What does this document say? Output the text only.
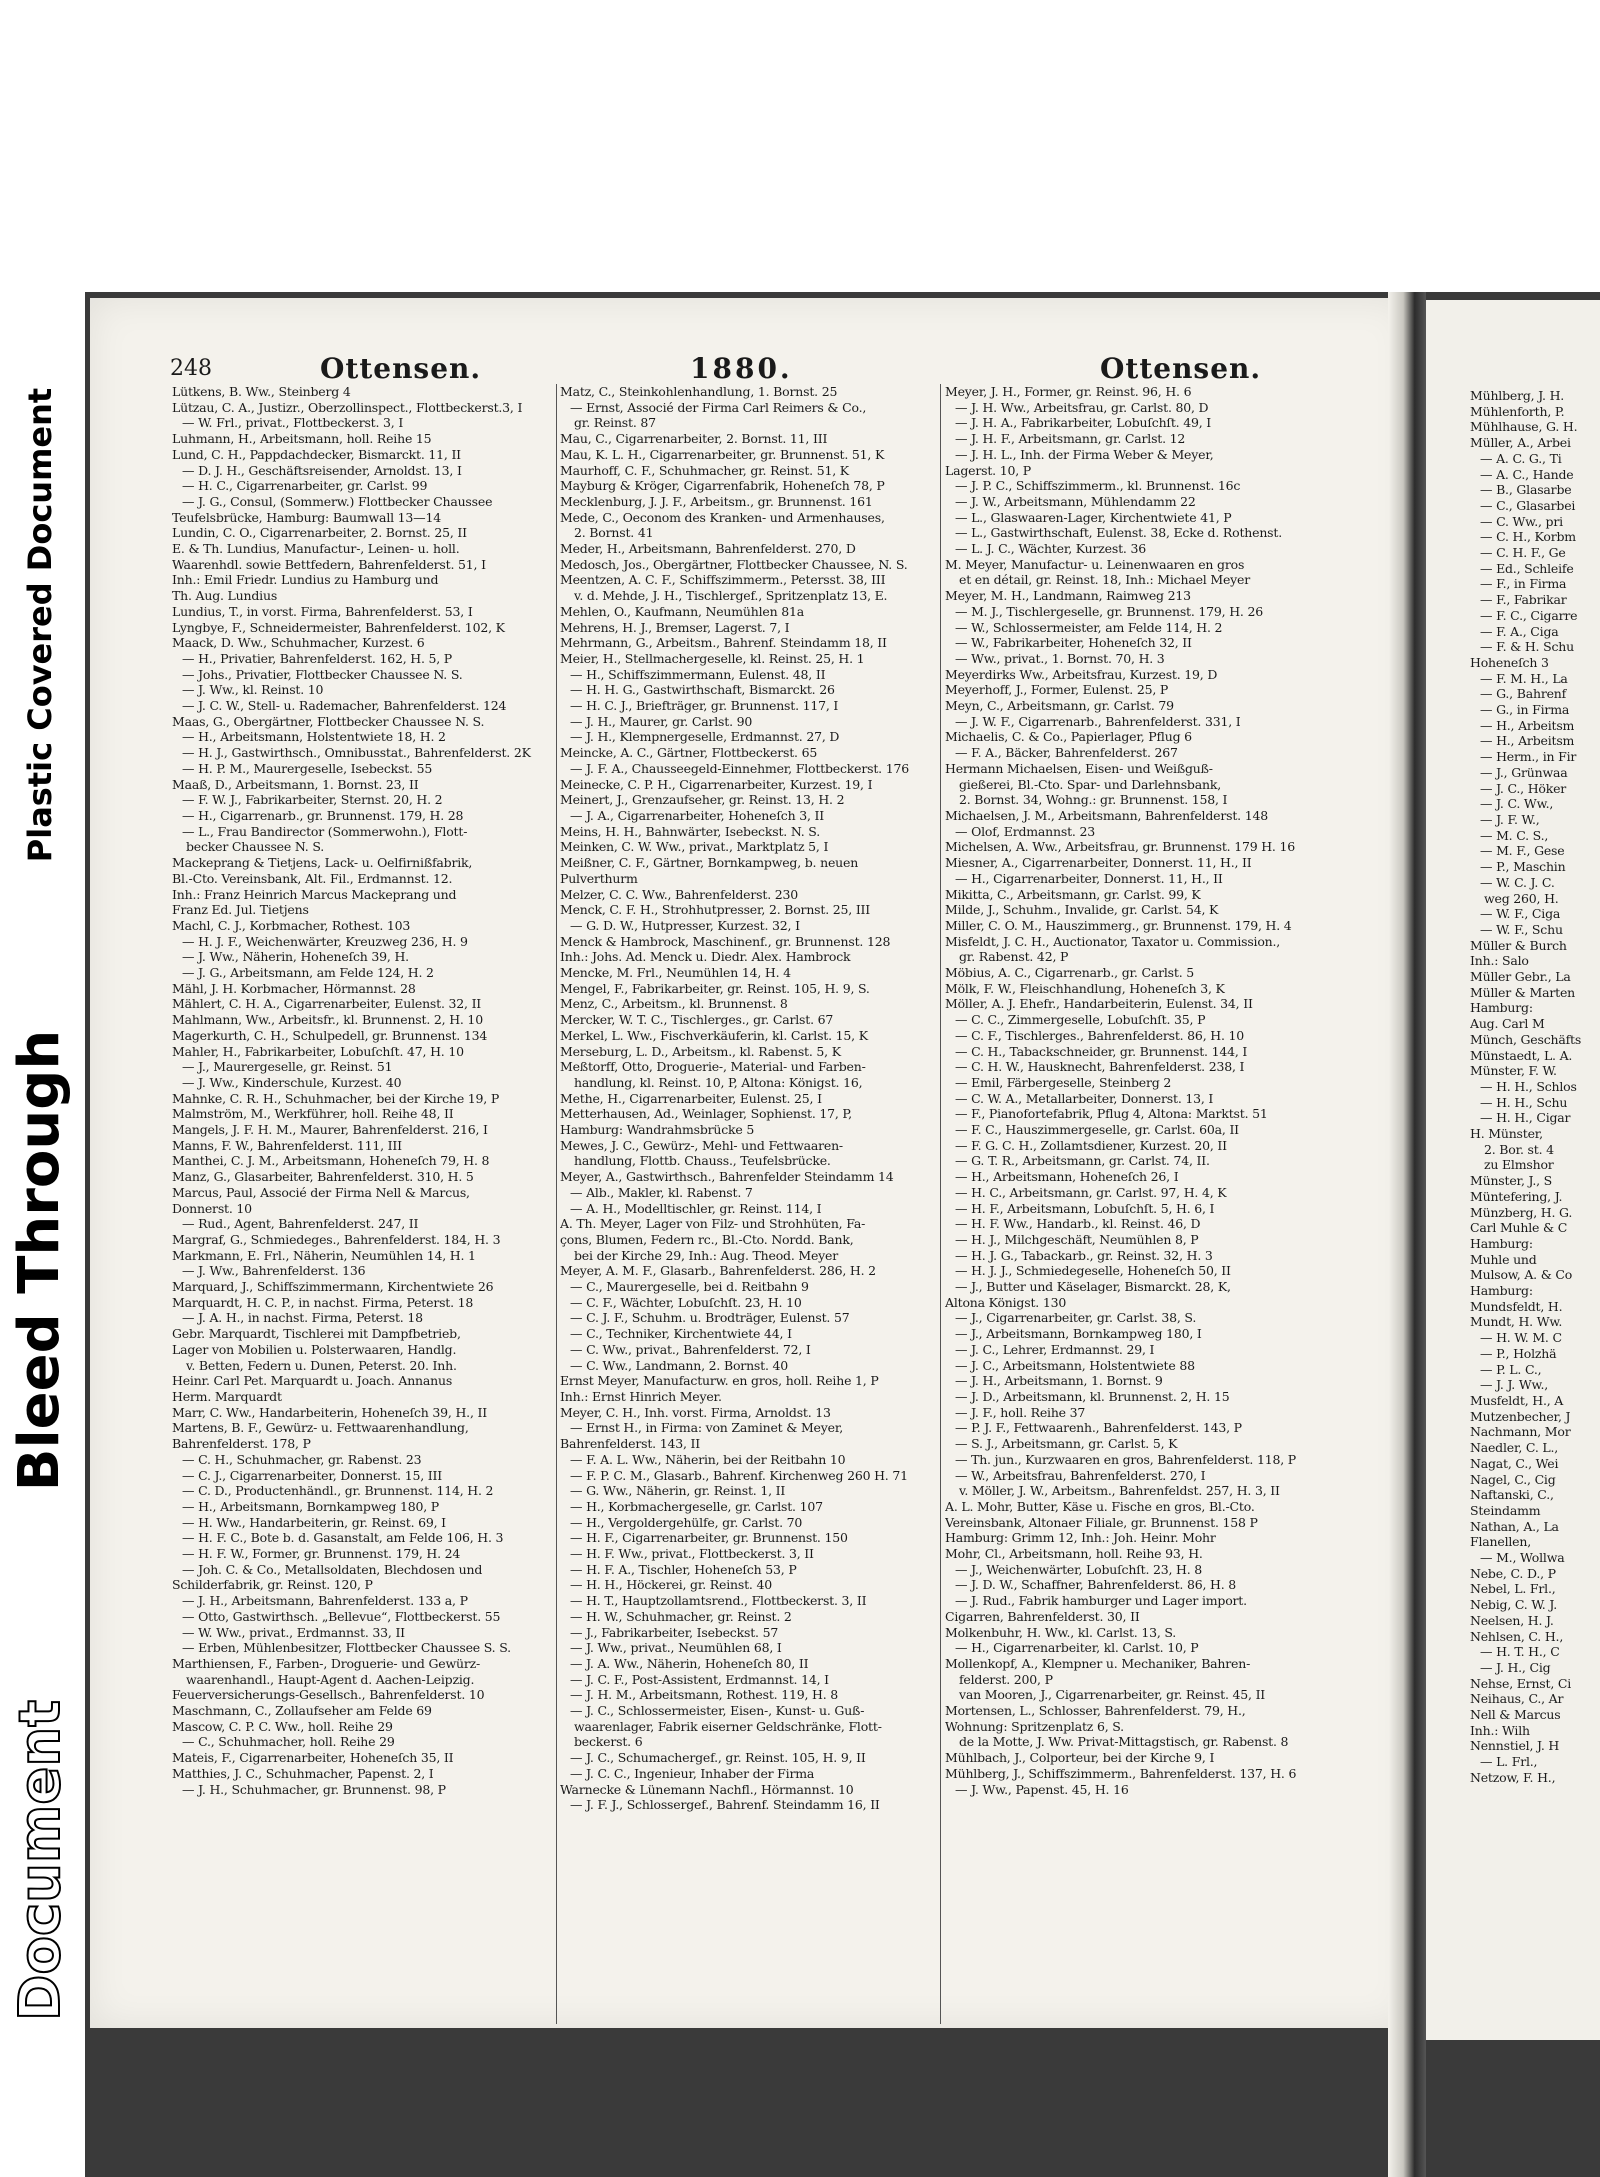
Plastic Covered Document
Bleed Through
Document
248	Ottensen.	1880.	Ottensen.
Lütkens, B. Ww., Steinberg 4
Lützau, C. A., Justizr., Oberzollinspect., Flottbeckerst.3, I
— W. Frl., privat., Flottbeckerst. 3, I
Luhmann, H., Arbeitsmann, holl. Reihe 15
Lund, C. H., Pappdachdecker, Bismarckt. 11, II
— D. J. H., Geschäftsreisender, Arnoldst. 13, I
— H. C., Cigarrenarbeiter, gr. Carlst. 99
— J. G., Consul, (Sommerw.) Flottbecker Chaussee
Teufelsbrücke, Hamburg: Baumwall 13—14
Lundin, C. O., Cigarrenarbeiter, 2. Bornst. 25, II
E. & Th. Lundius, Manufactur-, Leinen- u. holl.
Waarenhdl. sowie Bettfedern, Bahrenfelderst. 51, I
Inh.: Emil Friedr. Lundius zu Hamburg und
Th. Aug. Lundius
Lundius, T., in vorst. Firma, Bahrenfelderst. 53, I
Lyngbye, F., Schneidermeister, Bahrenfelderst. 102, K
Maack, D. Ww., Schuhmacher, Kurzest. 6
— H., Privatier, Bahrenfelderst. 162, H. 5, P
— Johs., Privatier, Flottbecker Chaussee N. S.
— J. Ww., kl. Reinst. 10
— J. C. W., Stell- u. Rademacher, Bahrenfelderst. 124
Maas, G., Obergärtner, Flottbecker Chaussee N. S.
— H., Arbeitsmann, Holstentwiete 18, H. 2
— H. J., Gastwirthsch., Omnibusstat., Bahrenfelderst. 2K
— H. P. M., Maurergeselle, Isebeckst. 55
Maaß, D., Arbeitsmann, 1. Bornst. 23, II
— F. W. J., Fabrikarbeiter, Sternst. 20, H. 2
— H., Cigarrenarb., gr. Brunnenst. 179, H. 28
— L., Frau Bandirector (Sommerwohn.), Flott-
becker Chaussee N. S.
Mackeprang & Tietjens, Lack- u. Oelfirnißfabrik,
Bl.-Cto. Vereinsbank, Alt. Fil., Erdmannst. 12.
Inh.: Franz Heinrich Marcus Mackeprang und
Franz Ed. Jul. Tietjens
Machl, C. J., Korbmacher, Rothest. 103
— H. J. F., Weichenwärter, Kreuzweg 236, H. 9
— J. Ww., Näherin, Hoheneſch 39, H.
— J. G., Arbeitsmann, am Felde 124, H. 2
Mähl, J. H. Korbmacher, Hörmannst. 28
Mählert, C. H. A., Cigarrenarbeiter, Eulenst. 32, II
Mahlmann, Ww., Arbeitsfr., kl. Brunnenst. 2, H. 10
Magerkurth, C. H., Schulpedell, gr. Brunnenst. 134
Mahler, H., Fabrikarbeiter, Lobuſchſt. 47, H. 10
— J., Maurergeselle, gr. Reinst. 51
— J. Ww., Kinderschule, Kurzest. 40
Mahnke, C. R. H., Schuhmacher, bei der Kirche 19, P
Malmström, M., Werkführer, holl. Reihe 48, II
Mangels, J. F. H. M., Maurer, Bahrenfelderst. 216, I
Manns, F. W., Bahrenfelderst. 111, III
Manthei, C. J. M., Arbeitsmann, Hoheneſch 79, H. 8
Manz, G., Glasarbeiter, Bahrenfelderst. 310, H. 5
Marcus, Paul, Associé der Firma Nell & Marcus,
Donnerst. 10
— Rud., Agent, Bahrenfelderst. 247, II
Margraf, G., Schmiedeges., Bahrenfelderst. 184, H. 3
Markmann, E. Frl., Näherin, Neumühlen 14, H. 1
— J. Ww., Bahrenfelderst. 136
Marquard, J., Schiffszimmermann, Kirchentwiete 26
Marquardt, H. C. P., in nachst. Firma, Peterst. 18
— J. A. H., in nachst. Firma, Peterst. 18
Gebr. Marquardt, Tischlerei mit Dampfbetrieb,
Lager von Mobilien u. Polsterwaaren, Handlg.
v. Betten, Federn u. Dunen, Peterst. 20. Inh.
Heinr. Carl Pet. Marquardt u. Joach. Annanus
Herm. Marquardt
Marr, C. Ww., Handarbeiterin, Hoheneſch 39, H., II
Martens, B. F., Gewürz- u. Fettwaarenhandlung,
Bahrenfelderst. 178, P
— C. H., Schuhmacher, gr. Rabenst. 23
— C. J., Cigarrenarbeiter, Donnerst. 15, III
— C. D., Productenhändl., gr. Brunnenst. 114, H. 2
— H., Arbeitsmann, Bornkampweg 180, P
— H. Ww., Handarbeiterin, gr. Reinst. 69, I
— H. F. C., Bote b. d. Gasanstalt, am Felde 106, H. 3
— H. F. W., Former, gr. Brunnenst. 179, H. 24
— Joh. C. & Co., Metallsoldaten, Blechdosen und
Schilderfabrik, gr. Reinst. 120, P
— J. H., Arbeitsmann, Bahrenfelderst. 133 a, P
— Otto, Gastwirthsch. „Bellevue“, Flottbeckerst. 55
— W. Ww., privat., Erdmannst. 33, II
— Erben, Mühlenbesitzer, Flottbecker Chaussee S. S.
Marthiensen, F., Farben-, Droguerie- und Gewürz-
waarenhandl., Haupt-Agent d. Aachen-Leipzig.
Feuerversicherungs-Gesellsch., Bahrenfelderst. 10
Maschmann, C., Zollaufseher am Felde 69
Mascow, C. P. C. Ww., holl. Reihe 29
— C., Schuhmacher, holl. Reihe 29
Mateis, F., Cigarrenarbeiter, Hoheneſch 35, II
Matthies, J. C., Schuhmacher, Papenst. 2, I
— J. H., Schuhmacher, gr. Brunnenst. 98, P
Matz, C., Steinkohlenhandlung, 1. Bornst. 25
— Ernst, Associé der Firma Carl Reimers & Co.,
gr. Reinst. 87
Mau, C., Cigarrenarbeiter, 2. Bornst. 11, III
Mau, K. L. H., Cigarrenarbeiter, gr. Brunnenst. 51, K
Maurhoff, C. F., Schuhmacher, gr. Reinst. 51, K
Mayburg & Kröger, Cigarrenfabrik, Hoheneſch 78, P
Mecklenburg, J. J. F., Arbeitsm., gr. Brunnenst. 161
Mede, C., Oeconom des Kranken- und Armenhauses,
2. Bornst. 41
Meder, H., Arbeitsmann, Bahrenfelderst. 270, D
Medosch, Jos., Obergärtner, Flottbecker Chaussee, N. S.
Meentzen, A. C. F., Schiffszimmerm., Petersst. 38, III
v. d. Mehde, J. H., Tischlergef., Spritzenplatz 13, E.
Mehlen, O., Kaufmann, Neumühlen 81a
Mehrens, H. J., Bremser, Lagerst. 7, I
Mehrmann, G., Arbeitsm., Bahrenf. Steindamm 18, II
Meier, H., Stellmachergeselle, kl. Reinst. 25, H. 1
— H., Schiffszimmermann, Eulenst. 48, II
— H. H. G., Gastwirthschaft, Bismarckt. 26
— H. C. J., Briefträger, gr. Brunnenst. 117, I
— J. H., Maurer, gr. Carlst. 90
— J. H., Klempnergeselle, Erdmannst. 27, D
Meincke, A. C., Gärtner, Flottbeckerst. 65
— J. F. A., Chausseegeld-Einnehmer, Flottbeckerst. 176
Meinecke, C. P. H., Cigarrenarbeiter, Kurzest. 19, I
Meinert, J., Grenzaufseher, gr. Reinst. 13, H. 2
— J. A., Cigarrenarbeiter, Hoheneſch 3, II
Meins, H. H., Bahnwärter, Isebeckst. N. S.
Meinken, C. W. Ww., privat., Marktplatz 5, I
Meißner, C. F., Gärtner, Bornkampweg, b. neuen
Pulverthurm
Melzer, C. C. Ww., Bahrenfelderst. 230
Menck, C. F. H., Strohhutpresser, 2. Bornst. 25, III
— G. D. W., Hutpresser, Kurzest. 32, I
Menck & Hambrock, Maschinenf., gr. Brunnenst. 128
Inh.: Johs. Ad. Menck u. Diedr. Alex. Hambrock
Mencke, M. Frl., Neumühlen 14, H. 4
Mengel, F., Fabrikarbeiter, gr. Reinst. 105, H. 9, S.
Menz, C., Arbeitsm., kl. Brunnenst. 8
Mercker, W. T. C., Tischlerges., gr. Carlst. 67
Merkel, L. Ww., Fischverkäuferin, kl. Carlst. 15, K
Merseburg, L. D., Arbeitsm., kl. Rabenst. 5, K
Meßtorff, Otto, Droguerie-, Material- und Farben-
handlung, kl. Reinst. 10, P, Altona: Königst. 16,
Methe, H., Cigarrenarbeiter, Eulenst. 25, I
Metterhausen, Ad., Weinlager, Sophienst. 17, P,
Hamburg: Wandrahmsbrücke 5
Mewes, J. C., Gewürz-, Mehl- und Fettwaaren-
handlung, Flottb. Chauss., Teufelsbrücke.
Meyer, A., Gastwirthsch., Bahrenfelder Steindamm 14
— Alb., Makler, kl. Rabenst. 7
— A. H., Modelltischler, gr. Reinst. 114, I
A. Th. Meyer, Lager von Filz- und Strohhüten, Fa-
çons, Blumen, Federn rc., Bl.-Cto. Nordd. Bank,
bei der Kirche 29, Inh.: Aug. Theod. Meyer
Meyer, A. M. F., Glasarb., Bahrenfelderst. 286, H. 2
— C., Maurergeselle, bei d. Reitbahn 9
— C. F., Wächter, Lobuſchſt. 23, H. 10
— C. J. F., Schuhm. u. Brodträger, Eulenst. 57
— C., Techniker, Kirchentwiete 44, I
— C. Ww., privat., Bahrenfelderst. 72, I
— C. Ww., Landmann, 2. Bornst. 40
Ernst Meyer, Manufacturw. en gros, holl. Reihe 1, P
Inh.: Ernst Hinrich Meyer.
Meyer, C. H., Inh. vorst. Firma, Arnoldst. 13
— Ernst H., in Firma: von Zaminet & Meyer,
Bahrenfelderst. 143, II
— F. A. L. Ww., Näherin, bei der Reitbahn 10
— F. P. C. M., Glasarb., Bahrenf. Kirchenweg 260 H. 71
— G. Ww., Näherin, gr. Reinst. 1, II
— H., Korbmachergeselle, gr. Carlst. 107
— H., Vergoldergehülfe, gr. Carlst. 70
— H. F., Cigarrenarbeiter, gr. Brunnenst. 150
— H. F. Ww., privat., Flottbeckerst. 3, II
— H. F. A., Tischler, Hoheneſch 53, P
— H. H., Höckerei, gr. Reinst. 40
— H. T., Hauptzollamtsrend., Flottbeckerst. 3, II
— H. W., Schuhmacher, gr. Reinst. 2
— J., Fabrikarbeiter, Isebeckst. 57
— J. Ww., privat., Neumühlen 68, I
— J. A. Ww., Näherin, Hoheneſch 80, II
— J. C. F., Post-Assistent, Erdmannst. 14, I
— J. H. M., Arbeitsmann, Rothest. 119, H. 8
— J. C., Schlossermeister, Eisen-, Kunst- u. Guß-
waarenlager, Fabrik eiserner Geldschränke, Flott-
beckerst. 6
— J. C., Schumachergef., gr. Reinst. 105, H. 9, II
— J. C. C., Ingenieur, Inhaber der Firma
Warnecke & Lünemann Nachfl., Hörmannst. 10
— J. F. J., Schlossergef., Bahrenf. Steindamm 16, II
Meyer, J. H., Former, gr. Reinst. 96, H. 6
— J. H. Ww., Arbeitsfrau, gr. Carlst. 80, D
— J. H. A., Fabrikarbeiter, Lobuſchſt. 49, I
— J. H. F., Arbeitsmann, gr. Carlst. 12
— J. H. L., Inh. der Firma Weber & Meyer,
Lagerst. 10, P
— J. P. C., Schiffszimmerm., kl. Brunnenst. 16c
— J. W., Arbeitsmann, Mühlendamm 22
— L., Glaswaaren-Lager, Kirchentwiete 41, P
— L., Gastwirthschaft, Eulenst. 38, Ecke d. Rothenst.
— L. J. C., Wächter, Kurzest. 36
M. Meyer, Manufactur- u. Leinenwaaren en gros
et en détail, gr. Reinst. 18, Inh.: Michael Meyer
Meyer, M. H., Landmann, Raimweg 213
— M. J., Tischlergeselle, gr. Brunnenst. 179, H. 26
— W., Schlossermeister, am Felde 114, H. 2
— W., Fabrikarbeiter, Hoheneſch 32, II
— Ww., privat., 1. Bornst. 70, H. 3
Meyerdirks Ww., Arbeitsfrau, Kurzest. 19, D
Meyerhoff, J., Former, Eulenst. 25, P
Meyn, C., Arbeitsmann, gr. Carlst. 79
— J. W. F., Cigarrenarb., Bahrenfelderst. 331, I
Michaelis, C. & Co., Papierlager, Pflug 6
— F. A., Bäcker, Bahrenfelderst. 267
Hermann Michaelsen, Eisen- und Weißguß-
gießerei, Bl.-Cto. Spar- und Darlehnsbank,
2. Bornst. 34, Wohng.: gr. Brunnenst. 158, I
Michaelsen, J. M., Arbeitsmann, Bahrenfelderst. 148
— Olof, Erdmannst. 23
Michelsen, A. Ww., Arbeitsfrau, gr. Brunnenst. 179 H. 16
Miesner, A., Cigarrenarbeiter, Donnerst. 11, H., II
— H., Cigarrenarbeiter, Donnerst. 11, H., II
Mikitta, C., Arbeitsmann, gr. Carlst. 99, K
Milde, J., Schuhm., Invalide, gr. Carlst. 54, K
Miller, C. O. M., Hauszimmerg., gr. Brunnenst. 179, H. 4
Misfeldt, J. C. H., Auctionator, Taxator u. Commission.,
gr. Rabenst. 42, P
Möbius, A. C., Cigarrenarb., gr. Carlst. 5
Mölk, F. W., Fleischhandlung, Hoheneſch 3, K
Möller, A. J. Ehefr., Handarbeiterin, Eulenst. 34, II
— C. C., Zimmergeselle, Lobuſchſt. 35, P
— C. F., Tischlerges., Bahrenfelderst. 86, H. 10
— C. H., Tabackschneider, gr. Brunnenst. 144, I
— C. H. W., Hausknecht, Bahrenfelderst. 238, I
— Emil, Färbergeselle, Steinberg 2
— C. W. A., Metallarbeiter, Donnerst. 13, I
— F., Pianofortefabrik, Pflug 4, Altona: Marktst. 51
— F. C., Hauszimmergeselle, gr. Carlst. 60a, II
— F. G. C. H., Zollamtsdiener, Kurzest. 20, II
— G. T. R., Arbeitsmann, gr. Carlst. 74, II.
— H., Arbeitsmann, Hoheneſch 26, I
— H. C., Arbeitsmann, gr. Carlst. 97, H. 4, K
— H. F., Arbeitsmann, Lobuſchſt. 5, H. 6, I
— H. F. Ww., Handarb., kl. Reinst. 46, D
— H. J., Milchgeschäft, Neumühlen 8, P
— H. J. G., Tabackarb., gr. Reinst. 32, H. 3
— H. J. J., Schmiedegeselle, Hoheneſch 50, II
— J., Butter und Käselager, Bismarckt. 28, K,
Altona Königst. 130
— J., Cigarrenarbeiter, gr. Carlst. 38, S.
— J., Arbeitsmann, Bornkampweg 180, I
— J. C., Lehrer, Erdmannst. 29, I
— J. C., Arbeitsmann, Holstentwiete 88
— J. H., Arbeitsmann, 1. Bornst. 9
— J. D., Arbeitsmann, kl. Brunnenst. 2, H. 15
— J. F., holl. Reihe 37
— P. J. F., Fettwaarenh., Bahrenfelderst. 143, P
— S. J., Arbeitsmann, gr. Carlst. 5, K
— Th. jun., Kurzwaaren en gros, Bahrenfelderst. 118, P
— W., Arbeitsfrau, Bahrenfelderst. 270, I
v. Möller, J. W., Arbeitsm., Bahrenfeldst. 257, H. 3, II
A. L. Mohr, Butter, Käse u. Fische en gros, Bl.-Cto.
Vereinsbank, Altonaer Filiale, gr. Brunnenst. 158 P
Hamburg: Grimm 12, Inh.: Joh. Heinr. Mohr
Mohr, Cl., Arbeitsmann, holl. Reihe 93, H.
— J., Weichenwärter, Lobuſchſt. 23, H. 8
— J. D. W., Schaffner, Bahrenfelderst. 86, H. 8
— J. Rud., Fabrik hamburger und Lager import.
Cigarren, Bahrenfelderst. 30, II
Molkenbuhr, H. Ww., kl. Carlst. 13, S.
— H., Cigarrenarbeiter, kl. Carlst. 10, P
Mollenkopf, A., Klempner u. Mechaniker, Bahren-
felderst. 200, P
van Mooren, J., Cigarrenarbeiter, gr. Reinst. 45, II
Mortensen, L., Schlosser, Bahrenfelderst. 79, H.,
Wohnung: Spritzenplatz 6, S.
de la Motte, J. Ww. Privat-Mittagstisch, gr. Rabenst. 8
Mühlbach, J., Colporteur, bei der Kirche 9, I
Mühlberg, J., Schiffszimmerm., Bahrenfelderst. 137, H. 6
— J. Ww., Papenst. 45, H. 16
Mühlberg, J. H.
Mühlenforth, P.
Mühlhause, G. H.
Müller, A., Arbei
— A. C. G., Ti
— A. C., Hande
— B., Glasarbe
— C., Glasarbei
— C. Ww., pri
— C. H., Korbm
— C. H. F., Ge
— Ed., Schleife
— F., in Firma
— F., Fabrikar
— F. C., Cigarre
— F. A., Ciga
— F. & H. Schu
Hoheneſch 3
— F. M. H., La
— G., Bahrenf
— G., in Firma
— H., Arbeitsm
— H., Arbeitsm
— Herm., in Fir
— J., Grünwaa
— J. C., Höker
— J. C. Ww.,
— J. F. W.,
— M. C. S.,
— M. F., Gese
— P., Maschin
— W. C. J. C.
weg 260, H.
— W. F., Ciga
— W. F., Schu
Müller & Burch
Inh.: Salo
Müller Gebr., La
Müller & Marten
Hamburg:
Aug. Carl M
Münch, Geschäfts
Münstaedt, L. A.
Münster, F. W.
— H. H., Schlos
— H. H., Schu
— H. H., Cigar
H. Münster,
2. Bor. st. 4
zu Elmshor
Münster, J., S
Müntefering, J.
Münzberg, H. G.
Carl Muhle & C
Hamburg:
Muhle und
Mulsow, A. & Co
Hamburg:
Mundsfeldt, H.
Mundt, H. Ww.
— H. W. M. C
— P., Holzhä
— P. L. C.,
— J. J. Ww.,
Musfeldt, H., A
Mutzenbecher, J
Nachmann, Mor
Naedler, C. L.,
Nagat, C., Wei
Nagel, C., Cig
Naftanski, C.,
Steindamm
Nathan, A., La
Flanellen,
— M., Wollwa
Nebe, C. D., P
Nebel, L. Frl.,
Nebig, C. W. J.
Neelsen, H. J.
Nehlsen, C. H.,
— H. T. H., C
— J. H., Cig
Nehse, Ernst, Ci
Neihaus, C., Ar
Nell & Marcus
Inh.: Wilh
Nennstiel, J. H
— L. Frl.,
Netzow, F. H.,
